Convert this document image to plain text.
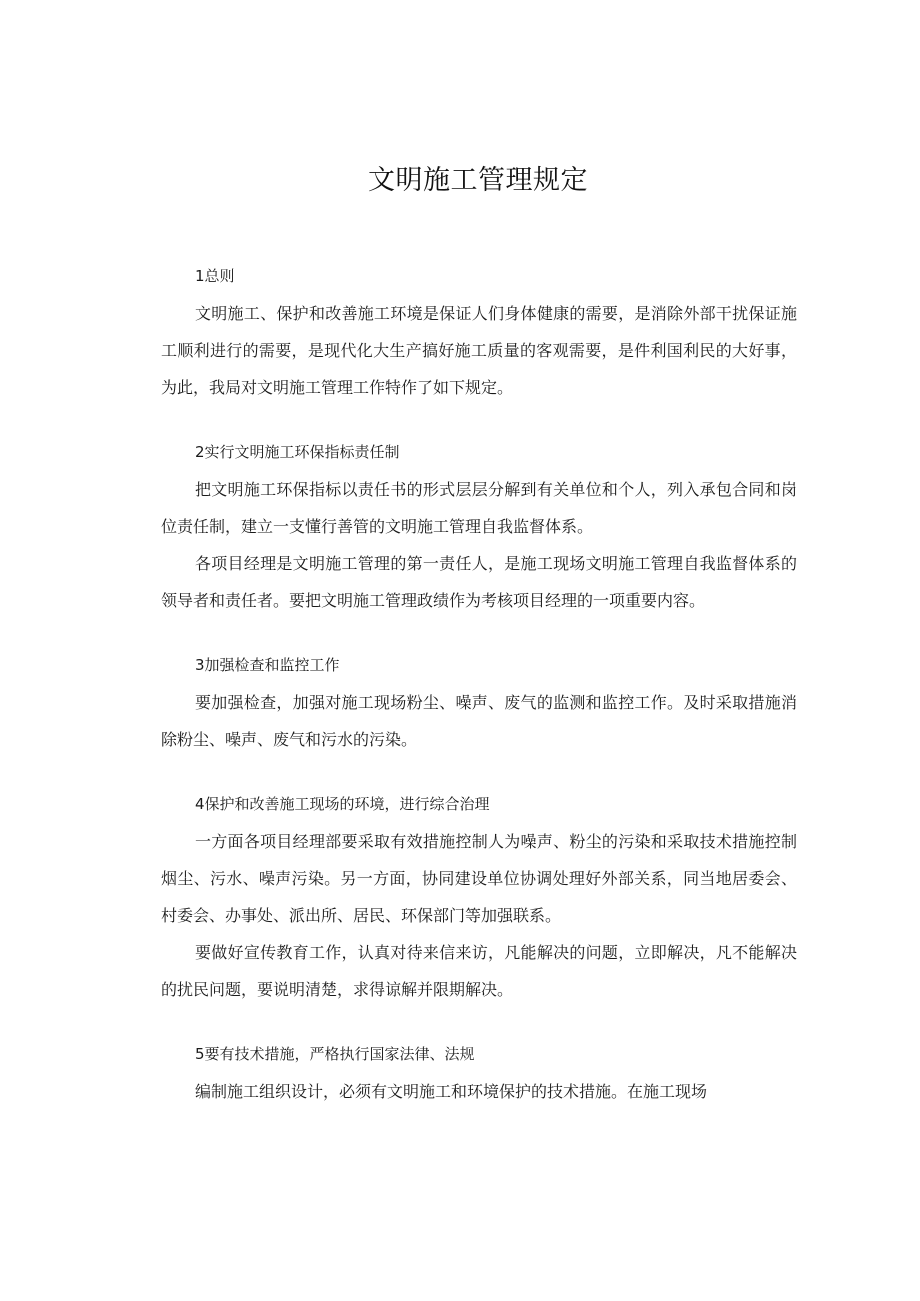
文明施工管理规定

1总则

文明施工、保护和改善施工环境是保证人们身体健康的需要，是消除外部干扰保证施工顺利进行的需要，是现代化大生产搞好施工质量的客观需要，是件利国利民的大好事，为此，我局对文明施工管理工作特作了如下规定。

2实行文明施工环保指标责任制

把文明施工环保指标以责任书的形式层层分解到有关单位和个人，列入承包合同和岗位责任制，建立一支懂行善管的文明施工管理自我监督体系。

各项目经理是文明施工管理的第一责任人，是施工现场文明施工管理自我监督体系的领导者和责任者。要把文明施工管理政绩作为考核项目经理的一项重要内容。

3加强检查和监控工作

要加强检查，加强对施工现场粉尘、噪声、废气的监测和监控工作。及时采取措施消除粉尘、噪声、废气和污水的污染。

4保护和改善施工现场的环境，进行综合治理

一方面各项目经理部要采取有效措施控制人为噪声、粉尘的污染和采取技术措施控制烟尘、污水、噪声污染。另一方面，协同建设单位协调处理好外部关系，同当地居委会、村委会、办事处、派出所、居民、环保部门等加强联系。

要做好宣传教育工作，认真对待来信来访，凡能解决的问题，立即解决，凡不能解决的扰民问题，要说明清楚，求得谅解并限期解决。

5要有技术措施，严格执行国家法律、法规

编制施工组织设计，必须有文明施工和环境保护的技术措施。在施工现场
